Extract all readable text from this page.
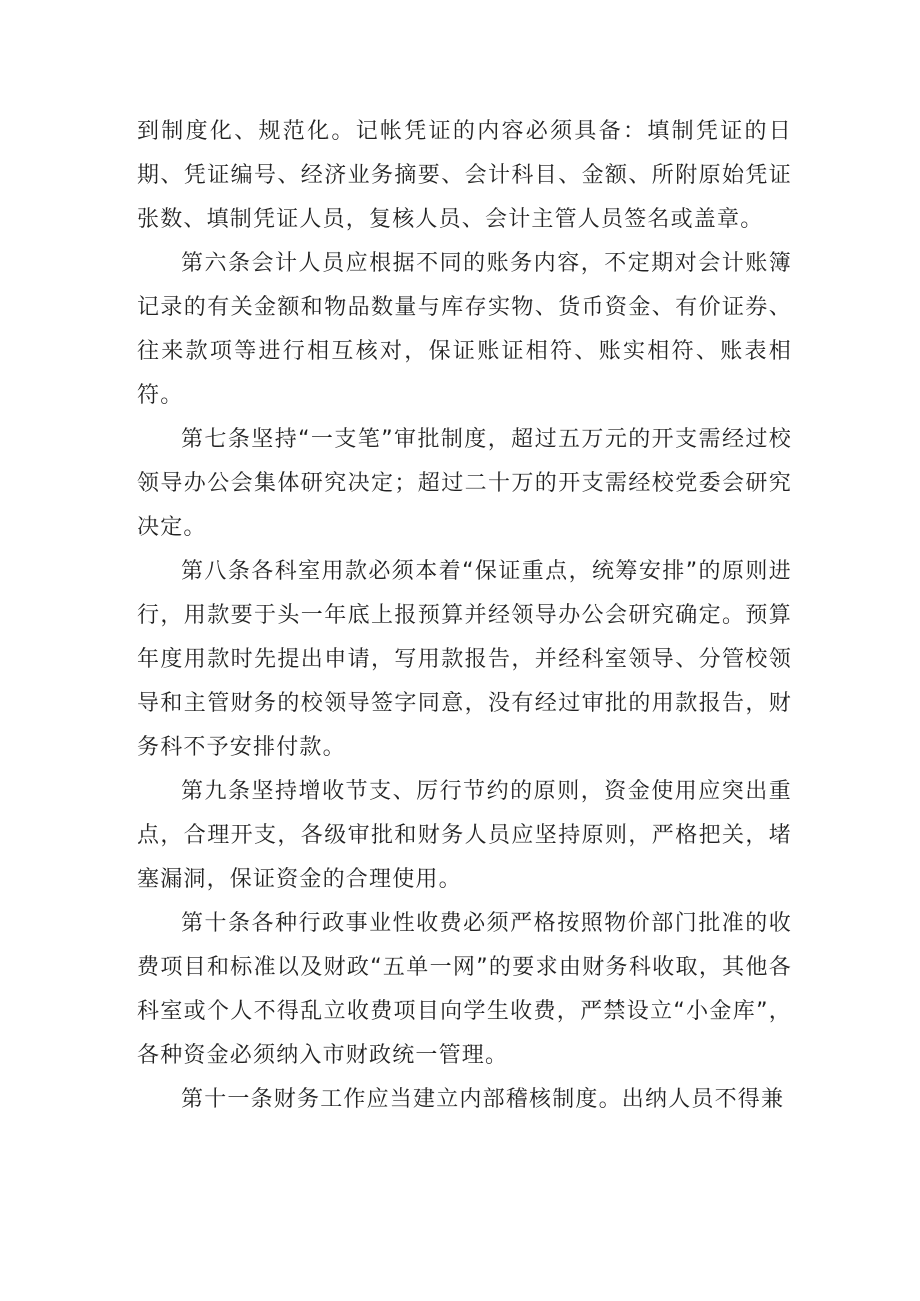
到制度化、规范化。记帐凭证的内容必须具备：填制凭证的日期、凭证编号、经济业务摘要、会计科目、金额、所附原始凭证张数、填制凭证人员，复核人员、会计主管人员签名或盖章。

第六条会计人员应根据不同的账务内容，不定期对会计账簿记录的有关金额和物品数量与库存实物、货币资金、有价证券、往来款项等进行相互核对，保证账证相符、账实相符、账表相符。

第七条坚持“一支笔”审批制度，超过五万元的开支需经过校领导办公会集体研究决定；超过二十万的开支需经校党委会研究决定。

第八条各科室用款必须本着“保证重点，统筹安排”的原则进行，用款要于头一年底上报预算并经领导办公会研究确定。预算年度用款时先提出申请，写用款报告，并经科室领导、分管校领导和主管财务的校领导签字同意，没有经过审批的用款报告，财务科不予安排付款。

第九条坚持增收节支、厉行节约的原则，资金使用应突出重点，合理开支，各级审批和财务人员应坚持原则，严格把关，堵塞漏洞，保证资金的合理使用。

第十条各种行政事业性收费必须严格按照物价部门批准的收费项目和标准以及财政“五单一网”的要求由财务科收取，其他各科室或个人不得乱立收费项目向学生收费，严禁设立“小金库”，各种资金必须纳入市财政统一管理。

第十一条财务工作应当建立内部稽核制度。出纳人员不得兼
